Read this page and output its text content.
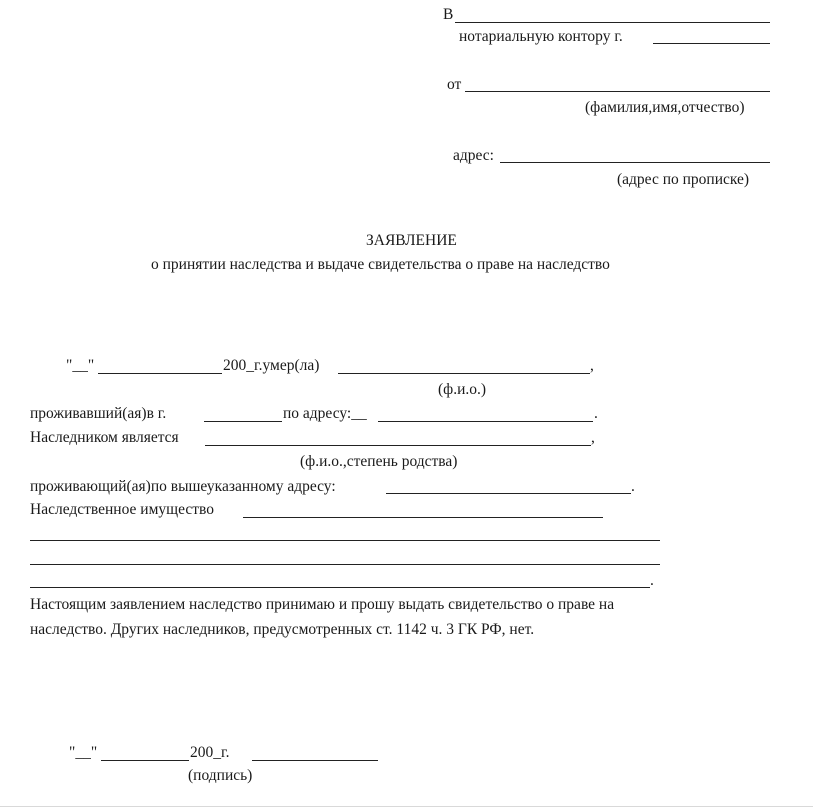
В
нотариальную контору г.
от
(фамилия,имя,отчество)
адрес:
(адрес по прописке)
ЗАЯВЛЕНИЕ
о принятии наследства и выдаче свидетельства о праве на наследство
"__"	200_г.умер(ла)	,
(ф.и.о.)
проживавший(ая)в г.	по адресу:__	.
Наследником является	,
(ф.и.о.,степень родства)
проживающий(ая)по вышеуказанному адресу:	.
Наследственное имущество
.
Настоящим заявлением наследство принимаю и прошу выдать свидетельство о праве на
наследство. Других наследников, предусмотренных ст. 1142 ч. 3 ГК РФ, нет.
"__"	200_г.
(подпись)
